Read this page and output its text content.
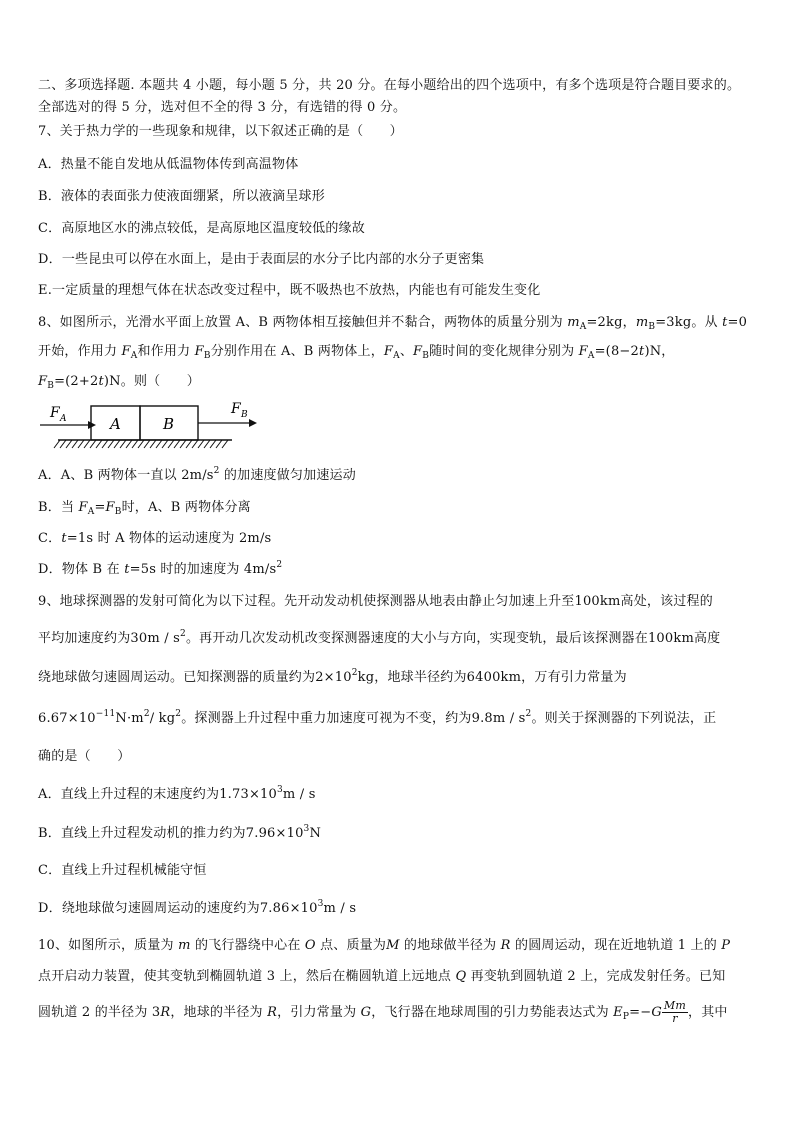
二、多项选择题. 本题共 4 小题，每小题 5 分，共 20 分。在每小题给出的四个选项中，有多个选项是符合题目要求的。
全部选对的得 5 分，选对但不全的得 3 分，有选错的得 0 分。
7、关于热力学的一些现象和规律，以下叙述正确的是（　　）
A．热量不能自发地从低温物体传到高温物体
B．液体的表面张力使液面绷紧，所以液滴呈球形
C．高原地区水的沸点较低，是高原地区温度较低的缘故
D．一些昆虫可以停在水面上，是由于表面层的水分子比内部的水分子更密集
E.一定质量的理想气体在状态改变过程中，既不吸热也不放热，内能也有可能发生变化
8、如图所示，光滑水平面上放置 A、B 两物体相互接触但并不黏合，两物体的质量分别为 $m_A=2kg$，$m_B=3kg$。从 t=0
开始，作用力 $F_A$和作用力 $F_B$分别作用在 A、B 两物体上，$F_A$、$F_B$随时间的变化规律分别为 $F_A=(8-2t)N$，
$F_B=(2+2t)N$。则（　　）
F A	A	B
F B
A．A、B 两物体一直以 $2m/s^2$ 的加速度做匀加速运动
B．当 $F_A=F_B$时，A、B 两物体分离
C．t=1s 时 A 物体的运动速度为 2m/s
D．物体 B 在 t=5s 时的加速度为 $4m/s^2$
9、地球探测器的发射可简化为以下过程。先开动发动机使探测器从地表由静止匀加速上升至100km高处，该过程的
平均加速度约为$30m / s^2$。再开动几次发动机改变探测器速度的大小与方向，实现变轨，最后该探测器在100km高度
绕地球做匀速圆周运动。已知探测器的质量约为$2\times 10^2kg$，地球半径约为6400km，万有引力常量为
$6.67\times 10^{-11}N\cdot m^2/$ $kg^2$。探测器上升过程中重力加速度可视为不变，约为$9.8m / s^2$。则关于探测器的下列说法，正
确的是（　　）
A．直线上升过程的末速度约为$1.73\times 10^3m / s$
B．直线上升过程发动机的推力约为$7.96\times 10^3N$
C．直线上升过程机械能守恒
D．绕地球做匀速圆周运动的速度约为$7.86\times 10^3m / s$
10、如图所示，质量为 m 的飞行器绕中心在 O 点、质量为M 的地球做半径为 R 的圆周运动，现在近地轨道 1 上的 P
点开启动力装置，使其变轨到椭圆轨道 3 上，然后在椭圆轨道上远地点 Q 再变轨到圆轨道 2 上，完成发射任务。已知
圆轨道 2 的半径为 3R，地球的半径为 R，引力常量为 G，飞行器在地球周围的引力势能表达式为 $E_P=-G \frac{Mm}{r}$ ，其中
